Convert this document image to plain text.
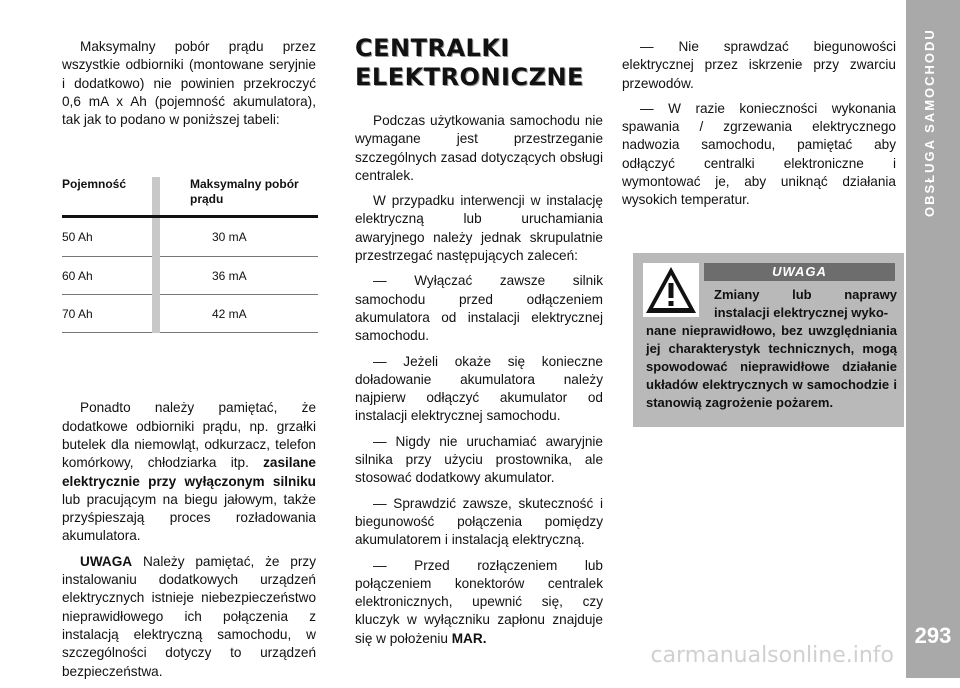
Maksymalny pobór prądu przez wszystkie odbiorniki (montowane seryjnie i dodatkowo) nie powinien przekroczyć 0,6 mA x Ah (pojemność akumulatora), tak jak to podano w poniższej tabeli:

Pojemność		Maksymalny pobór prądu
50 Ah		30 mA
60 Ah		36 mA
70 Ah		42 mA

Ponadto należy pamiętać, że dodatkowe odbiorniki prądu, np. grzałki butelek dla niemowląt, odkurzacz, telefon komórkowy, chłodziarka itp. zasilane elektrycznie przy wyłączonym silniku lub pracującym na biegu jałowym, także przyśpieszają proces rozładowania akumulatora.

UWAGA Należy pamiętać, że przy instalowaniu dodatkowych urządzeń elektrycznych istnieje niebezpieczeństwo nieprawidłowego ich połączenia z instalacją elektryczną samochodu, w szczególności dotyczy to urządzeń bezpieczeństwa.

CENTRALKI
ELEKTRONICZNE

Podczas użytkowania samochodu nie wymagane jest przestrzeganie szczególnych zasad dotyczących obsługi centralek.

W przypadku interwencji w instalację elektryczną lub uruchamiania awaryjnego należy jednak skrupulatnie przestrzegać następujących zaleceń:

— Wyłączać zawsze silnik samochodu przed odłączeniem akumulatora od instalacji elektrycznej samochodu.

— Jeżeli okaże się konieczne doładowanie akumulatora należy najpierw odłączyć akumulator od instalacji elektrycznej samochodu.

— Nigdy nie uruchamiać awaryjnie silnika przy użyciu prostownika, ale stosować dodatkowy akumulator.

— Sprawdzić zawsze, skuteczność i biegunowość połączenia pomiędzy akumulatorem i instalacją elektryczną.

— Przed rozłączeniem lub połączeniem konektorów centralek elektronicznych, upewnić się, czy kluczyk w wyłączniku zapłonu znajduje się w położeniu MAR.

— Nie sprawdzać biegunowości elektrycznej przez iskrzenie przy zwarciu przewodów.

— W razie konieczności wykonania spawania / zgrzewania elektrycznego nadwozia samochodu, pamiętać aby odłączyć centralki elektroniczne i wymontować je, aby uniknąć działania wysokich temperatur.

UWAGA
Zmiany lub naprawy instalacji elektrycznej wyko-
nane nieprawidłowo, bez uwzględniania jej charakterystyk technicznych, mogą spowodować nieprawidłowe działanie układów elektrycznych w samochodzie i stanowią zagrożenie pożarem.
OBSŁUGA SAMOCHODU
293
carmanualsonline.info
